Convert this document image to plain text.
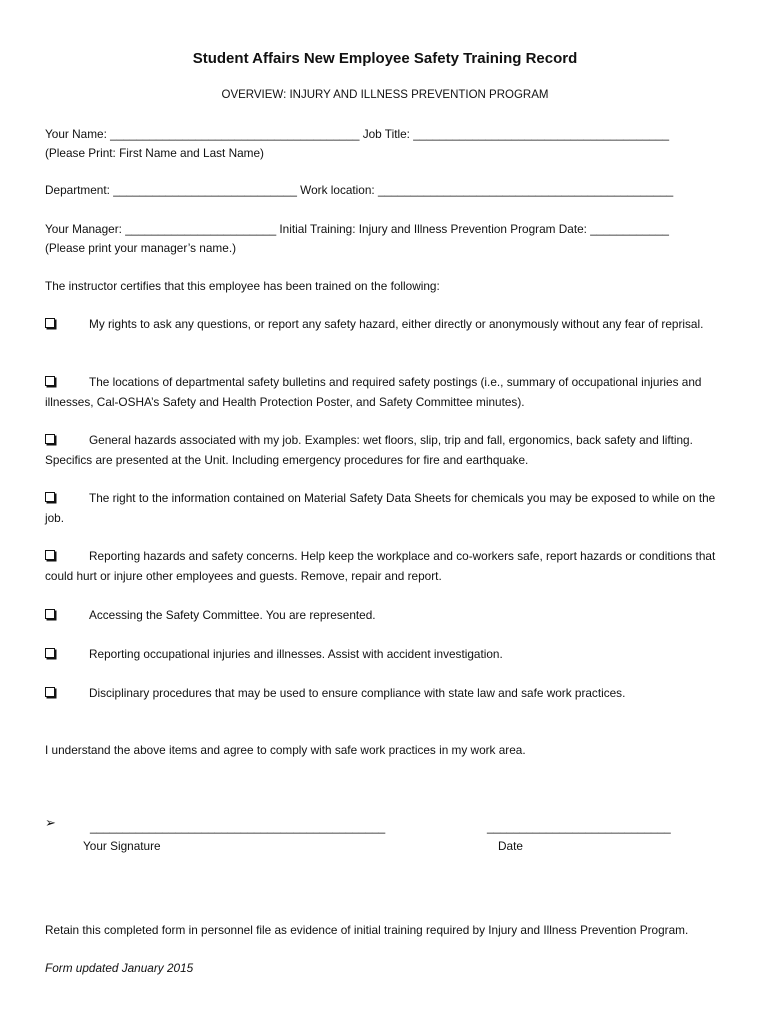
Student Affairs New Employee Safety Training Record
OVERVIEW: INJURY AND ILLNESS PREVENTION PROGRAM
Your Name: ______________________________________ Job Title: _______________________________________
(Please Print: First Name and Last Name)
Department: ____________________________ Work location: _____________________________________________
Your Manager: _______________________ Initial Training: Injury and Illness Prevention Program Date: ____________
(Please print your manager’s name.)
The instructor certifies that this employee has been trained on the following:
My rights to ask any questions, or report any safety hazard, either directly or anonymously without any fear of reprisal.
The locations of departmental safety bulletins and required safety postings (i.e., summary of occupational injuries and illnesses, Cal-OSHA’s Safety and Health Protection Poster, and Safety Committee minutes).
General hazards associated with my job. Examples: wet floors, slip, trip and fall, ergonomics, back safety and lifting. Specifics are presented at the Unit. Including emergency procedures for fire and earthquake.
The right to the information contained on Material Safety Data Sheets for chemicals you may be exposed to while on the job.
Reporting hazards and safety concerns. Help keep the workplace and co-workers safe, report hazards or conditions that could hurt or injure other employees and guests. Remove, repair and report.
Accessing the Safety Committee. You are represented.
Reporting occupational injuries and illnesses. Assist with accident investigation.
Disciplinary procedures that may be used to ensure compliance with state law and safe work practices.
I understand the above items and agree to comply with safe work practices in my work area.
➢	_____________________________________________	____________________________
Your Signature	Date
Retain this completed form in personnel file as evidence of initial training required by Injury and Illness Prevention Program.
Form updated January 2015
